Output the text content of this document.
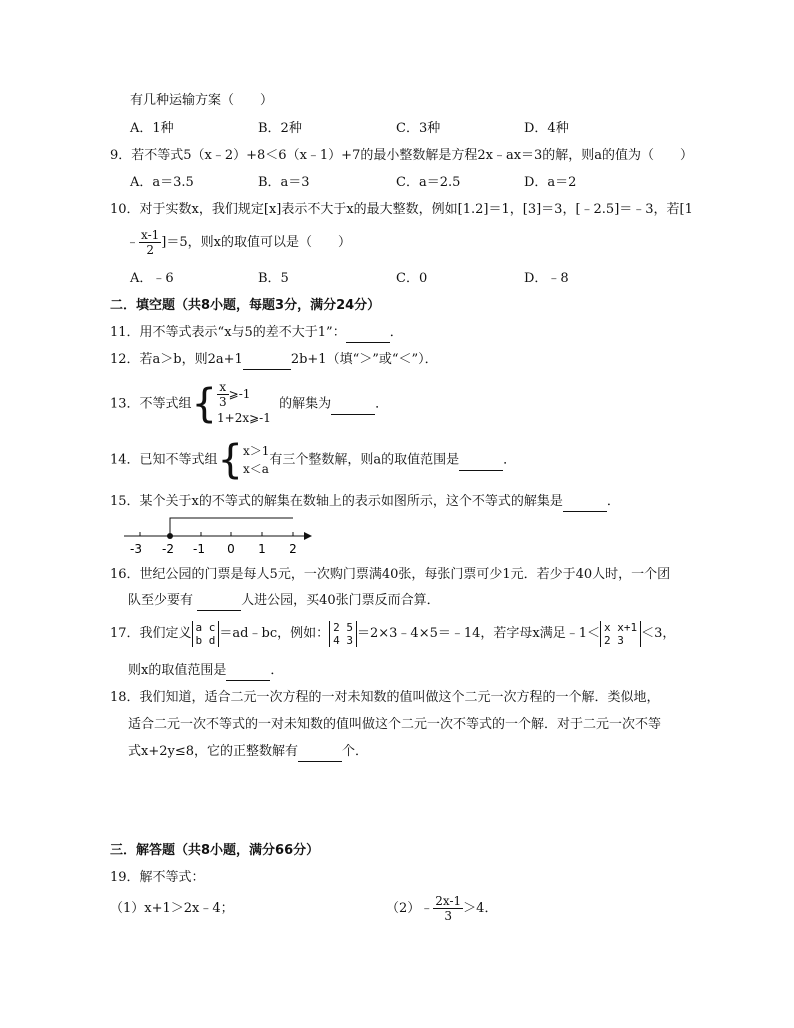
有几种运输方案（　　）
A．1种	B．2种	C．3种	D．4种
9．若不等式5（x﹣2）+8＜6（x﹣1）+7的最小整数解是方程2x﹣ax＝3的解，则a的值为（　　）
A．a＝3.5	B．a＝3	C．a＝2.5	D．a＝2
10．对于实数x，我们规定[x]表示不大于x的最大整数，例如[1.2]＝1，[3]＝3，[﹣2.5]＝﹣3，若[1
﹣ $\frac{x-1}{2} ]=5$，则x的取值可以是（　　）
A．﹣6	B．5	C．0	D．﹣8
二．填空题（共8小题，每题3分，满分24分）
11．用不等式表示“x与5的差不大于1”：	．
12．若a＞b，则2a+1	2b+1（填“＞”或“＜”）．
13．不等式组{ $\frac{x}{3}$ ⩾-1
1+2x⩾-1
的解集为	．
14．已知不等式组{ x＞1
x＜a
有三个整数解，则a的取值范围是	．
15．某个关于x的不等式的解集在数轴上的表示如图所示，这个不等式的解集是	．
-3 -2 -1 0 1 2
16．世纪公园的门票是每人5元，一次购门票满40张，每张门票可少1元．若少于40人时，一个团
队至少要有	人进公园，买40张门票反而合算．
17．我们定义 a c
b d ＝ad﹣bc，例如： 2 5
4 3 ＝2×3﹣4×5＝﹣14，若字母x满足﹣1＜ x x+1
2 3	＜3，
则x的取值范围是	．
18．我们知道，适合二元一次方程的一对未知数的值叫做这个二元一次方程的一个解．类似地，
适合二元一次不等式的一对未知数的值叫做这个二元一次不等式的一个解．对于二元一次不等
式x+2y≤8，它的正整数解有	个．
三．解答题（共8小题，满分66分）
19．解不等式：
（1）x+1＞2x﹣4；	（2）﹣ $\frac{2x-1}{3} >4$．
